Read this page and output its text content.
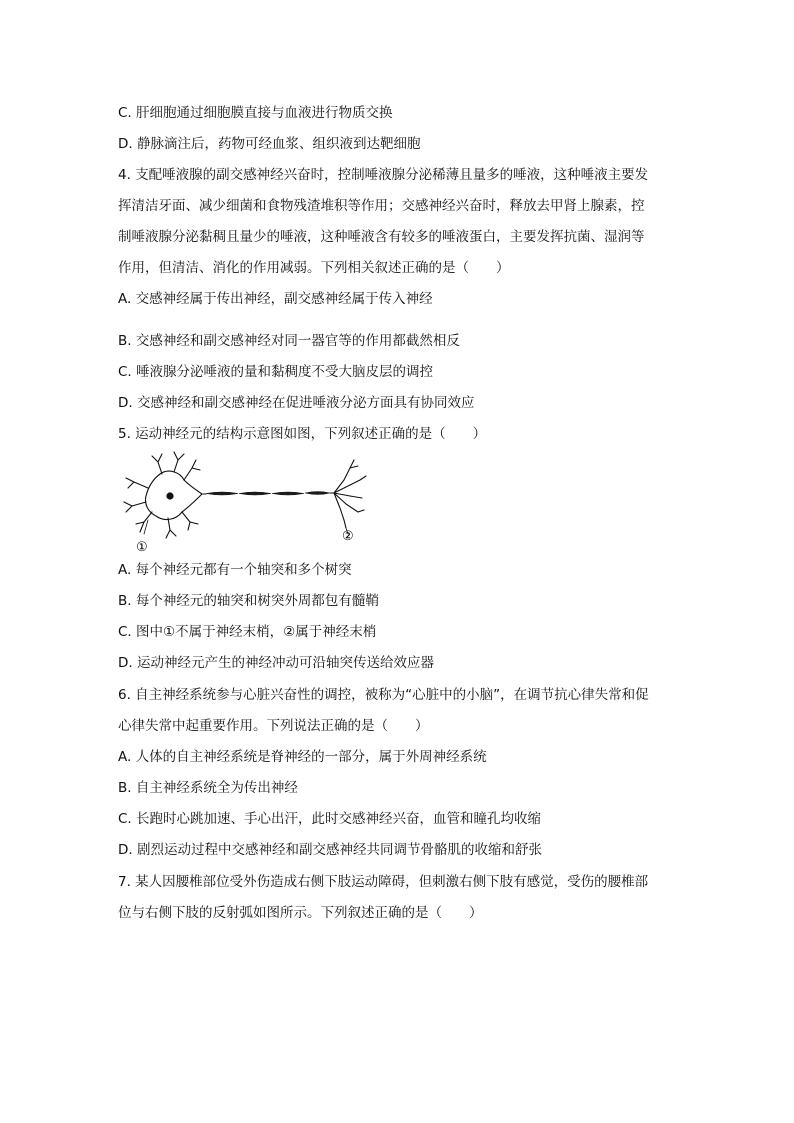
C. 肝细胞通过细胞膜直接与血液进行物质交换
D. 静脉滴注后，药物可经血浆、组织液到达靶细胞
4. 支配唾液腺的副交感神经兴奋时，控制唾液腺分泌稀薄且量多的唾液，这种唾液主要发
挥清洁牙面、减少细菌和食物残渣堆积等作用；交感神经兴奋时，释放去甲肾上腺素，控
制唾液腺分泌黏稠且量少的唾液，这种唾液含有较多的唾液蛋白，主要发挥抗菌、湿润等
作用，但清洁、消化的作用减弱。下列相关叙述正确的是（　　）
A. 交感神经属于传出神经，副交感神经属于传入神经
B. 交感神经和副交感神经对同一器官等的作用都截然相反
C. 唾液腺分泌唾液的量和黏稠度不受大脑皮层的调控
D. 交感神经和副交感神经在促进唾液分泌方面具有协同效应
5. 运动神经元的结构示意图如图，下列叙述正确的是（　　）
①
②
A. 每个神经元都有一个轴突和多个树突
B. 每个神经元的轴突和树突外周都包有髓鞘
C. 图中①不属于神经末梢，②属于神经末梢
D. 运动神经元产生的神经冲动可沿轴突传送给效应器
6. 自主神经系统参与心脏兴奋性的调控，被称为“心脏中的小脑”，在调节抗心律失常和促
心律失常中起重要作用。下列说法正确的是（　　）
A. 人体的自主神经系统是脊神经的一部分，属于外周神经系统
B. 自主神经系统全为传出神经
C. 长跑时心跳加速、手心出汗，此时交感神经兴奋，血管和瞳孔均收缩
D. 剧烈运动过程中交感神经和副交感神经共同调节骨骼肌的收缩和舒张
7. 某人因腰椎部位受外伤造成右侧下肢运动障碍，但刺激右侧下肢有感觉，受伤的腰椎部
位与右侧下肢的反射弧如图所示。下列叙述正确的是（　　）
